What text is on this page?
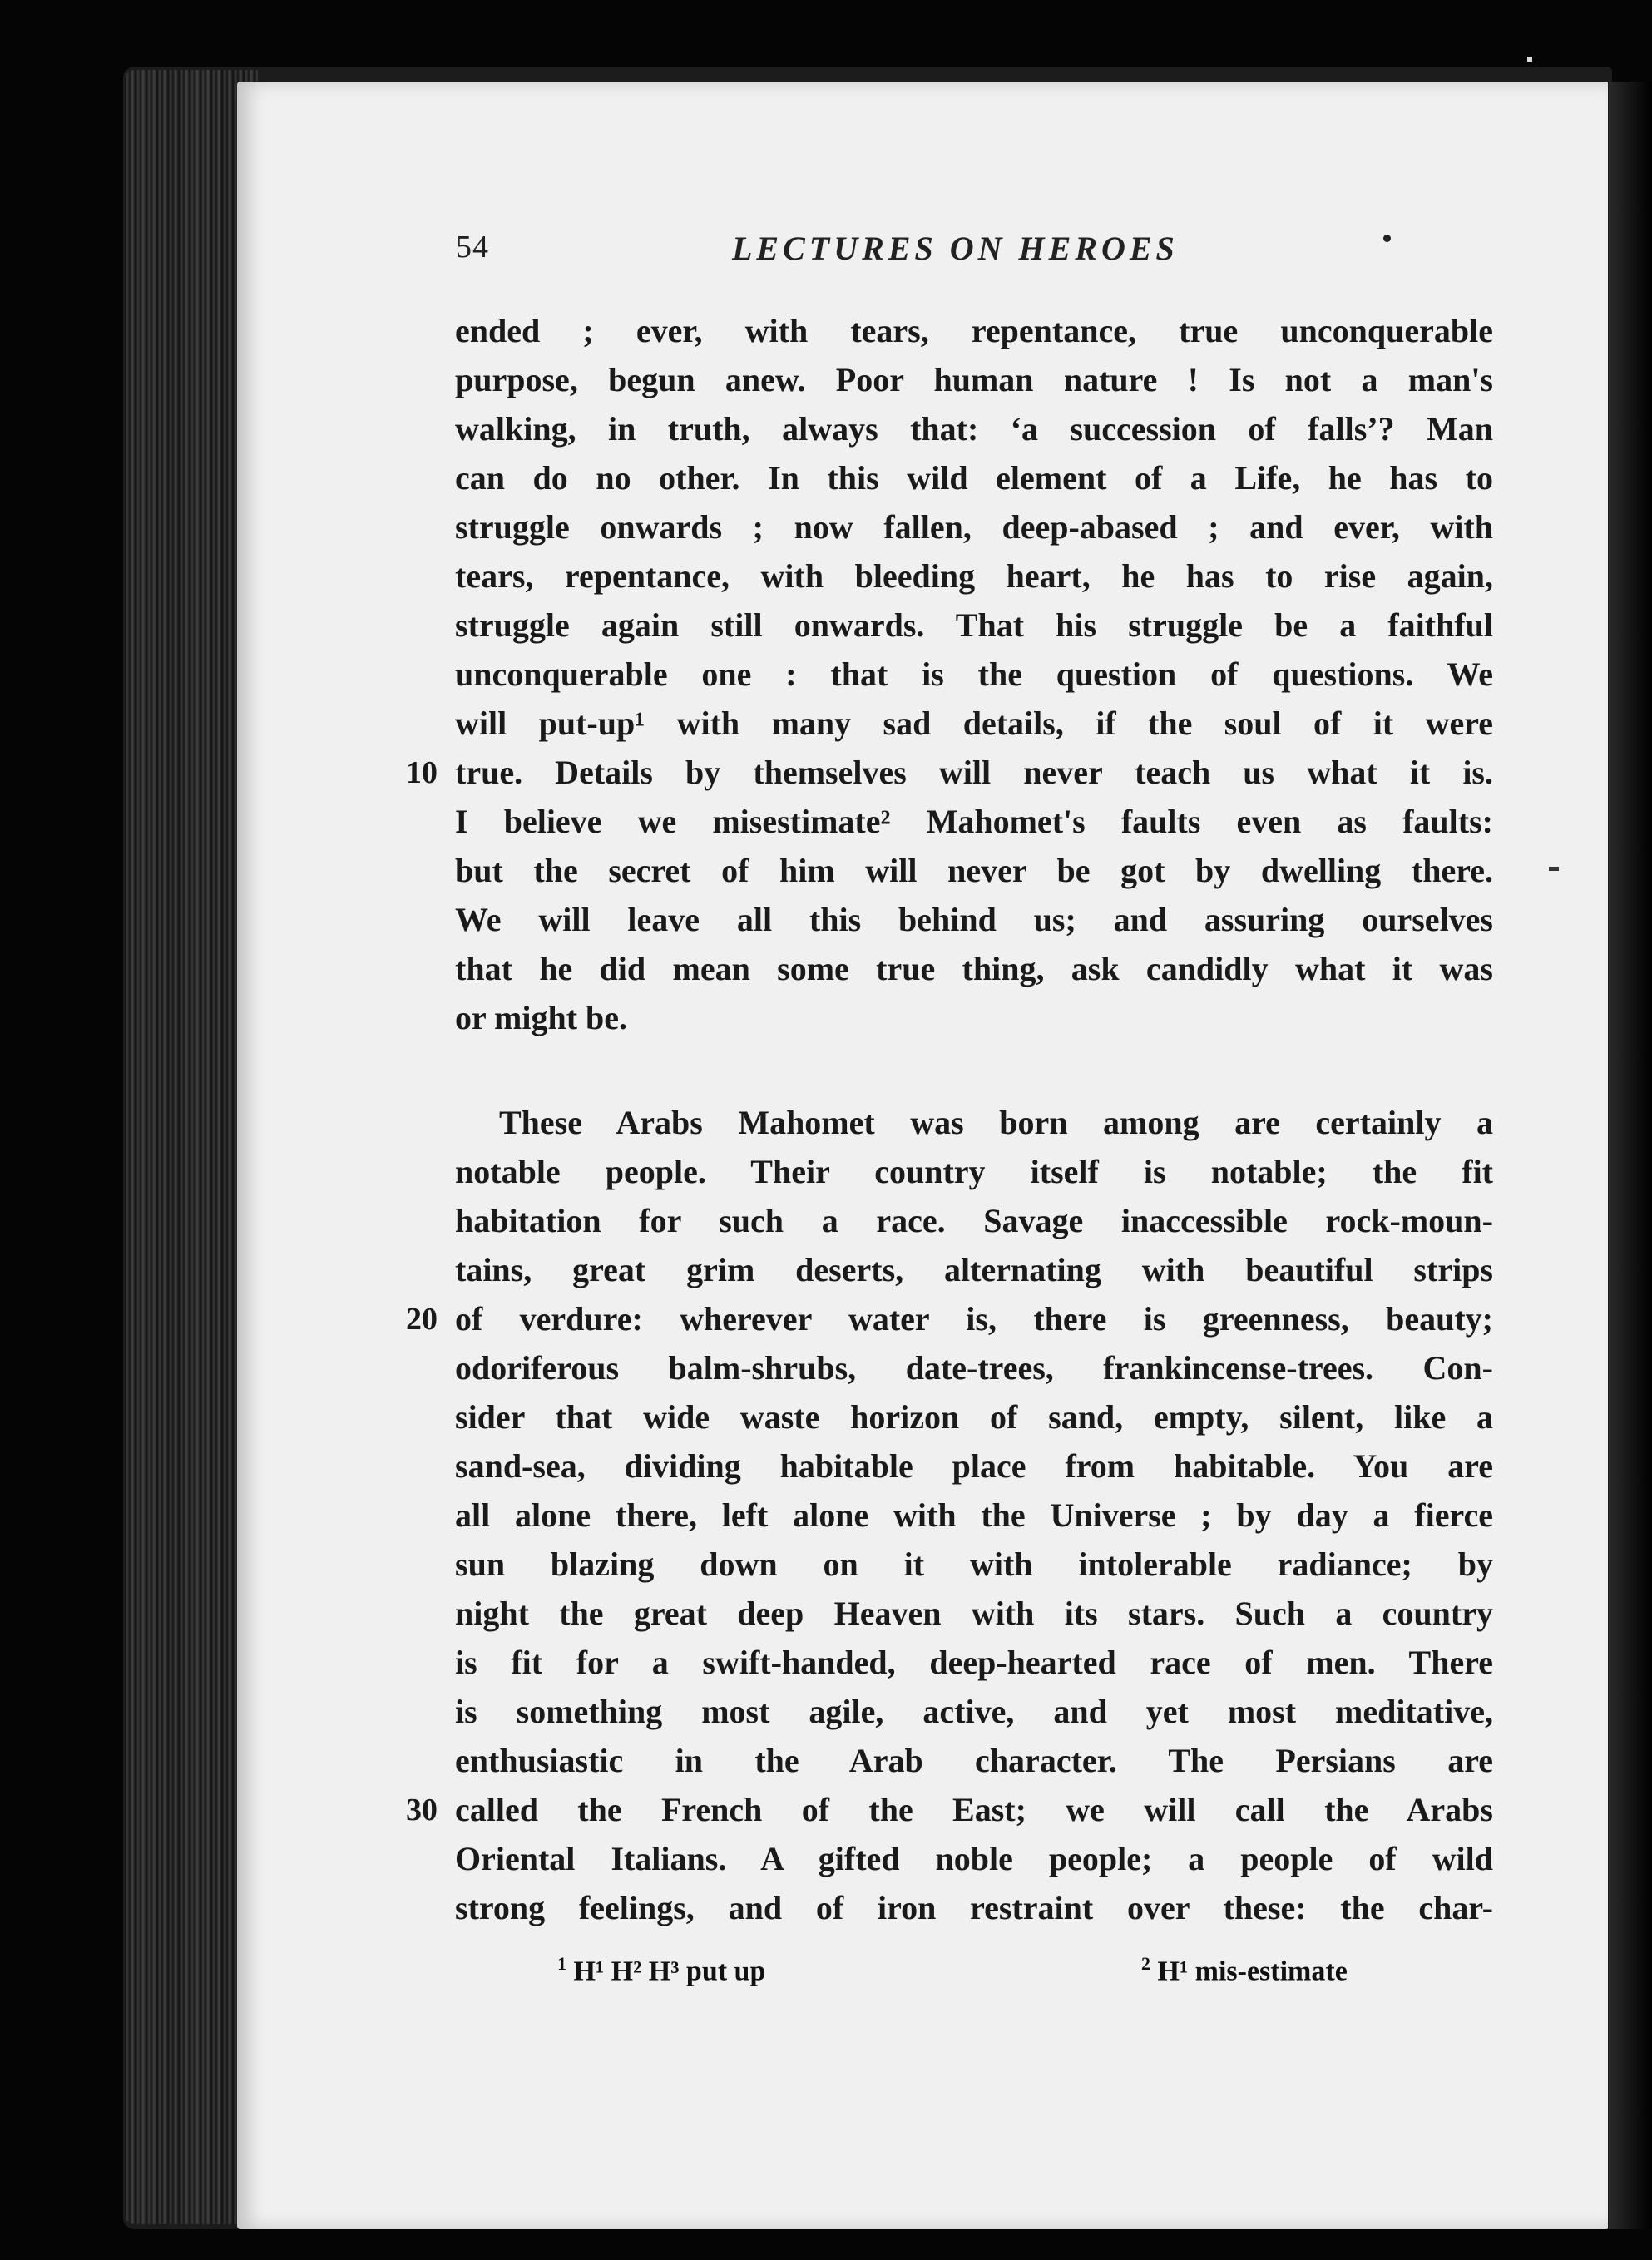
54	LECTURES ON HEROES
ended ; ever, with tears, repentance, true unconquerable
purpose, begun anew. Poor human nature ! Is not a man's
walking, in truth, always that: ‘a succession of falls’? Man
can do no other. In this wild element of a Life, he has to
struggle onwards ; now fallen, deep-abased ; and ever, with
tears, repentance, with bleeding heart, he has to rise again,
struggle again still onwards. That his struggle be a faithful
unconquerable one : that is the question of questions. We
will put-up¹ with many sad details, if the soul of it were
true. Details by themselves will never teach us what it is.
I believe we misestimate² Mahomet's faults even as faults:
but the secret of him will never be got by dwelling there.
We will leave all this behind us; and assuring ourselves
that he did mean some true thing, ask candidly what it was
or might be.
These Arabs Mahomet was born among are certainly a
notable people. Their country itself is notable; the fit
habitation for such a race. Savage inaccessible rock-moun-
tains, great grim deserts, alternating with beautiful strips
of verdure: wherever water is, there is greenness, beauty;
odoriferous balm-shrubs, date-trees, frankincense-trees. Con-
sider that wide waste horizon of sand, empty, silent, like a
sand-sea, dividing habitable place from habitable. You are
all alone there, left alone with the Universe ; by day a fierce
sun blazing down on it with intolerable radiance; by
night the great deep Heaven with its stars. Such a country
is fit for a swift-handed, deep-hearted race of men. There
is something most agile, active, and yet most meditative,
enthusiastic in the Arab character. The Persians are
called the French of the East; we will call the Arabs
Oriental Italians. A gifted noble people; a people of wild
strong feelings, and of iron restraint over these: the char-
10
20
30
$^1$ H¹ H² H³ put up	$^2$ H¹ mis-estimate
